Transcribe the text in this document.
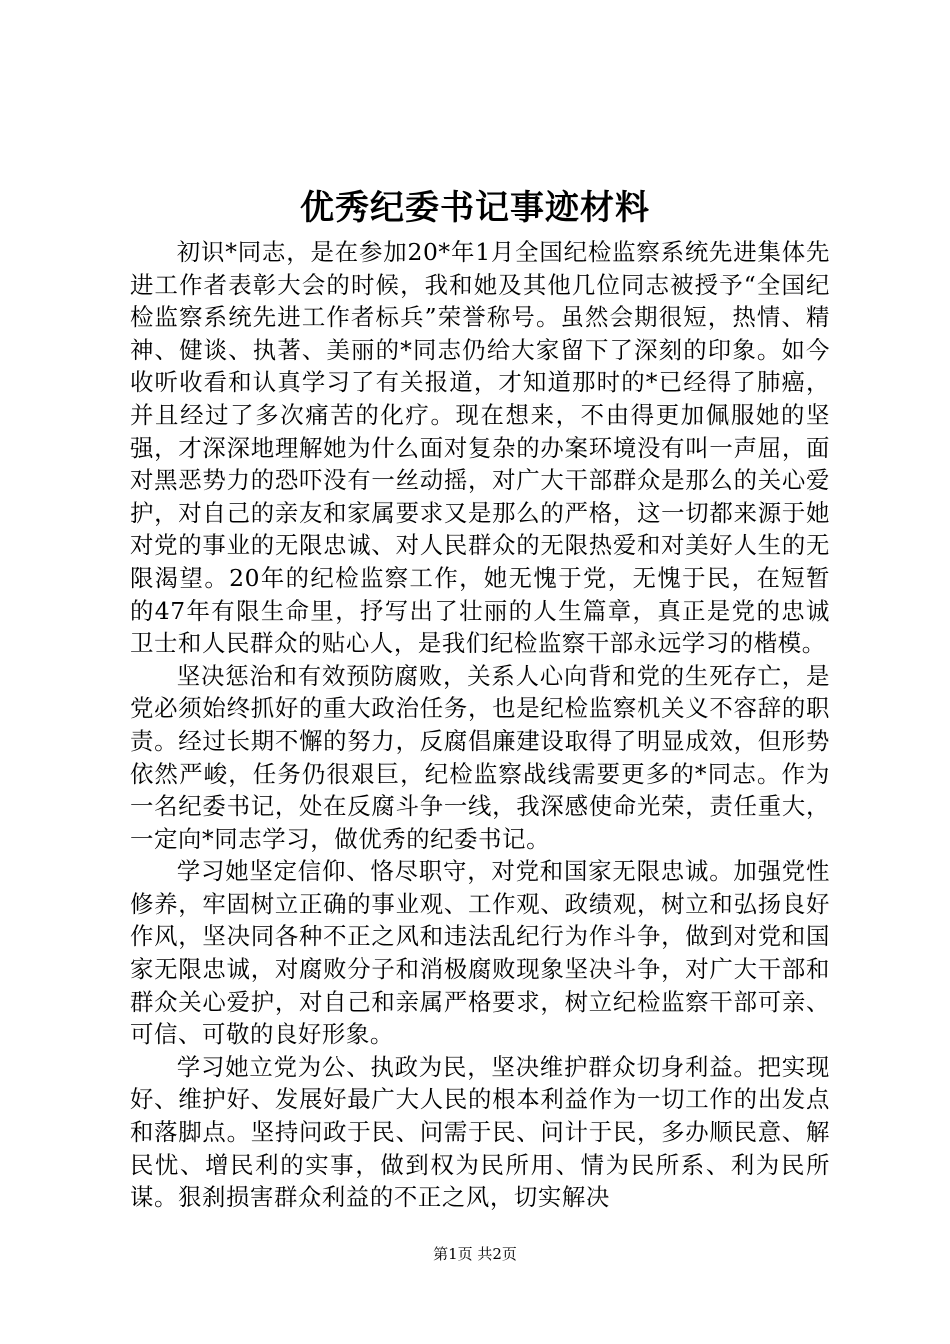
优秀纪委书记事迹材料

初识*同志，是在参加20*年1月全国纪检监察系统先进集体先进工作者表彰大会的时候，我和她及其他几位同志被授予“全国纪检监察系统先进工作者标兵”荣誉称号。虽然会期很短，热情、精神、健谈、执著、美丽的*同志仍给大家留下了深刻的印象。如今收听收看和认真学习了有关报道，才知道那时的*已经得了肺癌，并且经过了多次痛苦的化疗。现在想来，不由得更加佩服她的坚强，才深深地理解她为什么面对复杂的办案环境没有叫一声屈，面对黑恶势力的恐吓没有一丝动摇，对广大干部群众是那么的关心爱护，对自己的亲友和家属要求又是那么的严格，这一切都来源于她对党的事业的无限忠诚、对人民群众的无限热爱和对美好人生的无限渴望。20年的纪检监察工作，她无愧于党，无愧于民，在短暂的47年有限生命里，抒写出了壮丽的人生篇章，真正是党的忠诚卫士和人民群众的贴心人，是我们纪检监察干部永远学习的楷模。

坚决惩治和有效预防腐败，关系人心向背和党的生死存亡，是党必须始终抓好的重大政治任务，也是纪检监察机关义不容辞的职责。经过长期不懈的努力，反腐倡廉建设取得了明显成效，但形势依然严峻，任务仍很艰巨，纪检监察战线需要更多的*同志。作为一名纪委书记，处在反腐斗争一线，我深感使命光荣，责任重大，一定向*同志学习，做优秀的纪委书记。

学习她坚定信仰、恪尽职守，对党和国家无限忠诚。加强党性修养，牢固树立正确的事业观、工作观、政绩观，树立和弘扬良好作风，坚决同各种不正之风和违法乱纪行为作斗争，做到对党和国家无限忠诚，对腐败分子和消极腐败现象坚决斗争，对广大干部和群众关心爱护，对自己和亲属严格要求，树立纪检监察干部可亲、可信、可敬的良好形象。

学习她立党为公、执政为民，坚决维护群众切身利益。把实现好、维护好、发展好最广大人民的根本利益作为一切工作的出发点和落脚点。坚持问政于民、问需于民、问计于民，多办顺民意、解民忧、增民利的实事，做到权为民所用、情为民所系、利为民所谋。狠刹损害群众利益的不正之风，切实解决

第1页 共2页
